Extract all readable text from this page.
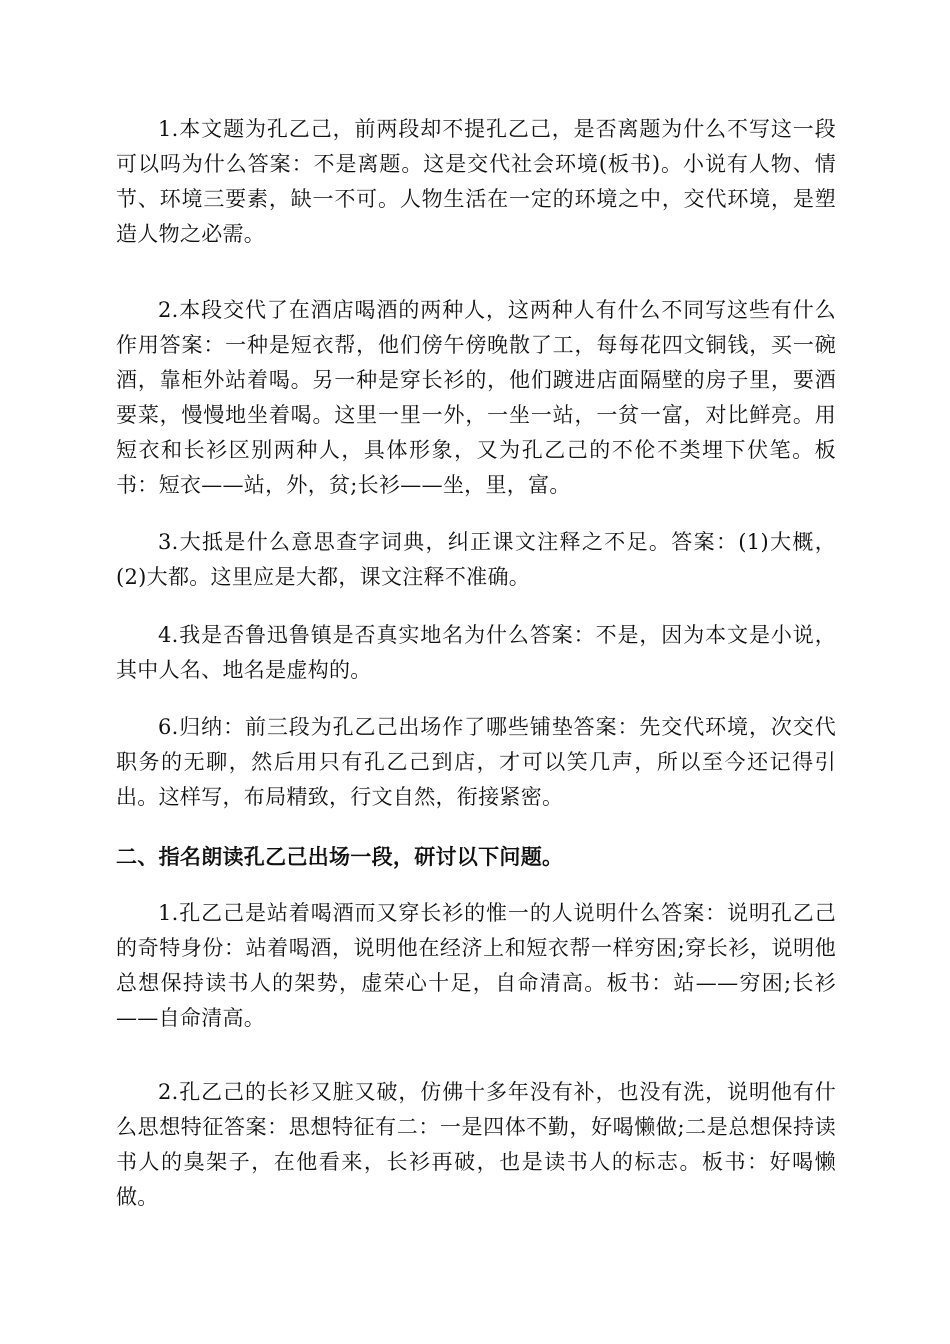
1.本文题为孔乙己，前两段却不提孔乙己，是否离题为什么不写这一段可以吗为什么答案：不是离题。这是交代社会环境(板书)。小说有人物、情节、环境三要素，缺一不可。人物生活在一定的环境之中，交代环境，是塑造人物之必需。

2.本段交代了在酒店喝酒的两种人，这两种人有什么不同写这些有什么作用答案：一种是短衣帮，他们傍午傍晚散了工，每每花四文铜钱，买一碗酒，靠柜外站着喝。另一种是穿长衫的，他们踱进店面隔壁的房子里，要酒要菜，慢慢地坐着喝。这里一里一外，一坐一站，一贫一富，对比鲜亮。用短衣和长衫区别两种人，具体形象，又为孔乙己的不伦不类埋下伏笔。板书：短衣——站，外，贫;长衫——坐，里，富。

3.大抵是什么意思查字词典，纠正课文注释之不足。答案：(1)大概，(2)大都。这里应是大都，课文注释不准确。

4.我是否鲁迅鲁镇是否真实地名为什么答案：不是，因为本文是小说，其中人名、地名是虚构的。

6.归纳：前三段为孔乙己出场作了哪些铺垫答案：先交代环境，次交代职务的无聊，然后用只有孔乙己到店，才可以笑几声，所以至今还记得引出。这样写，布局精致，行文自然，衔接紧密。

二、指名朗读孔乙己出场一段，研讨以下问题。

1.孔乙己是站着喝酒而又穿长衫的惟一的人说明什么答案：说明孔乙己的奇特身份：站着喝酒，说明他在经济上和短衣帮一样穷困;穿长衫，说明他总想保持读书人的架势，虚荣心十足，自命清高。板书：站——穷困;长衫——自命清高。

2.孔乙己的长衫又脏又破，仿佛十多年没有补，也没有洗，说明他有什么思想特征答案：思想特征有二：一是四体不勤，好喝懒做;二是总想保持读书人的臭架子，在他看来，长衫再破，也是读书人的标志。板书：好喝懒做。
